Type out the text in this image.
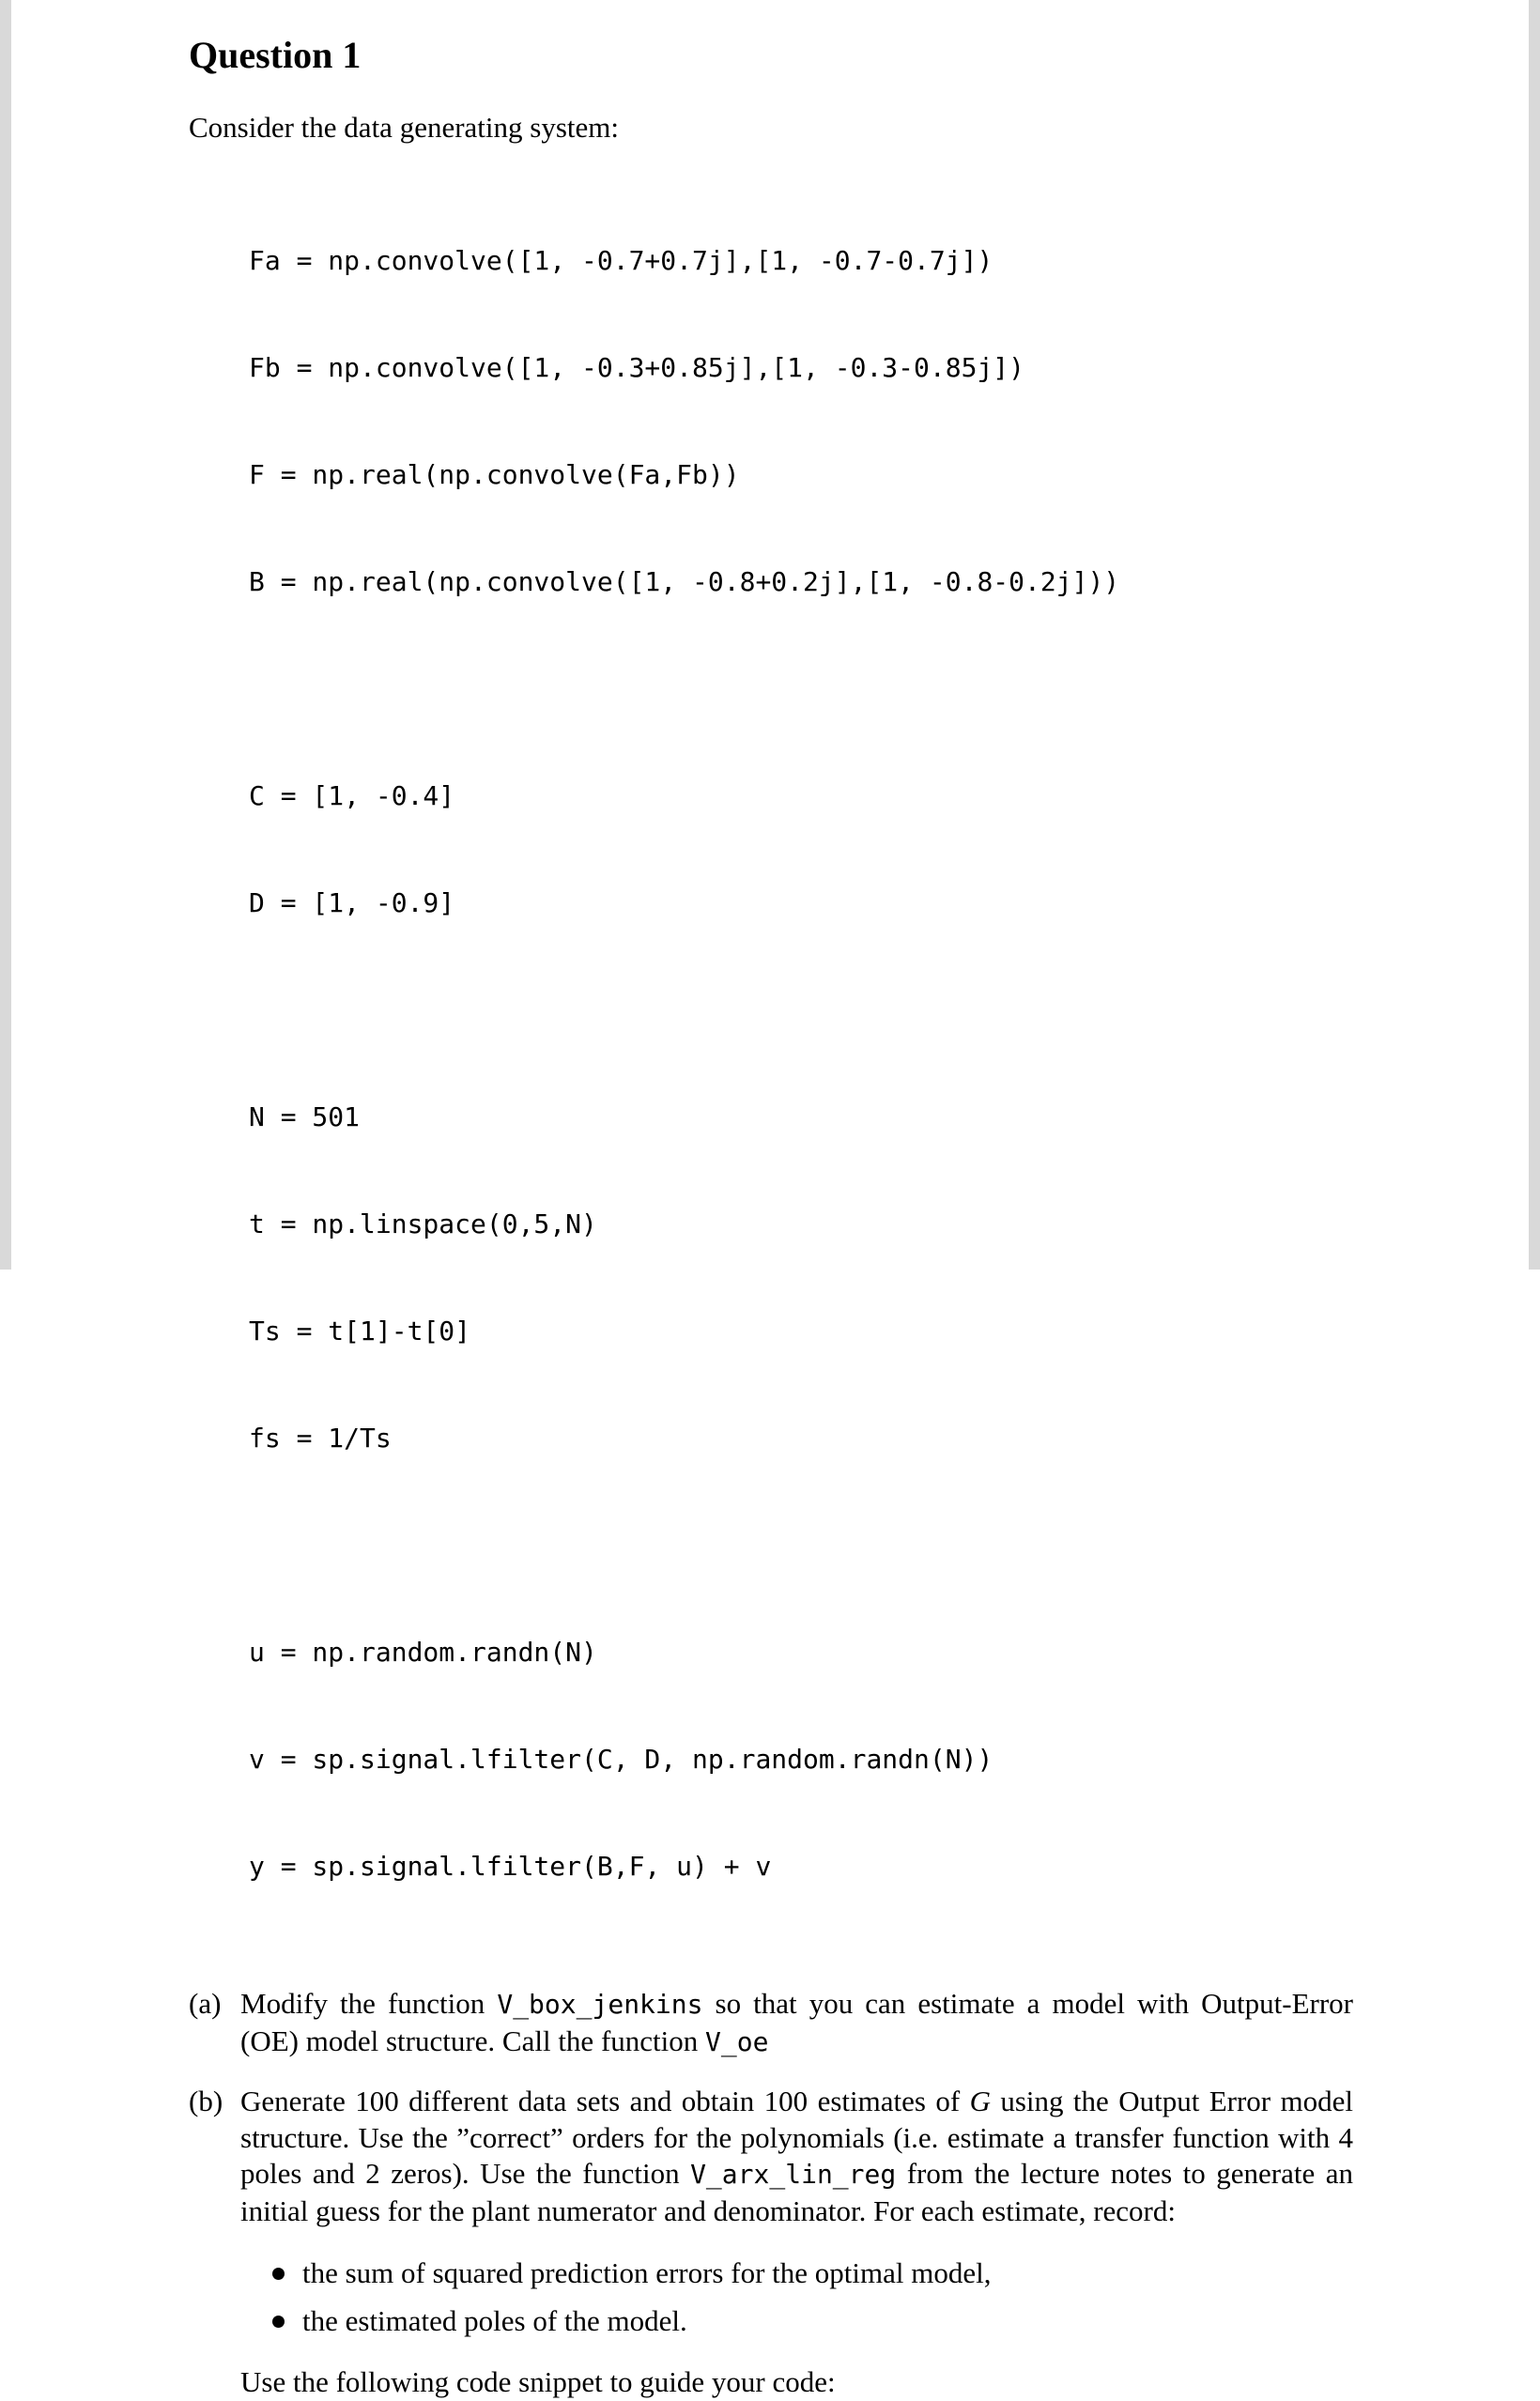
Question 1
Consider the data generating system:

Fa = np.convolve([1, -0.7+0.7j],[1, -0.7-0.7j])

Fb = np.convolve([1, -0.3+0.85j],[1, -0.3-0.85j])

F = np.real(np.convolve(Fa,Fb))

B = np.real(np.convolve([1, -0.8+0.2j],[1, -0.8-0.2j]))

C = [1, -0.4]

D = [1, -0.9]

N = 501

t = np.linspace(0,5,N)

Ts = t[1]-t[0]

fs = 1/Ts

u = np.random.randn(N)

v = sp.signal.lfilter(C, D, np.random.randn(N))

y = sp.signal.lfilter(B,F, u) + v

(a) Modify the function V_box_jenkins so that you can estimate a model with Output-Error (OE) model structure. Call the function V_oe
(b) Generate 100 different data sets and obtain 100 estimates of G using the Output Error model structure. Use the ”correct” orders for the polynomials (i.e. estimate a transfer function with 4 poles and 2 zeros). Use the function V_arx_lin_reg from the lecture notes to generate an initial guess for the plant numerator and denominator. For each estimate, record:
the sum of squared prediction errors for the optimal model,
the estimated poles of the model.
Use the following code snippet to guide your code:
